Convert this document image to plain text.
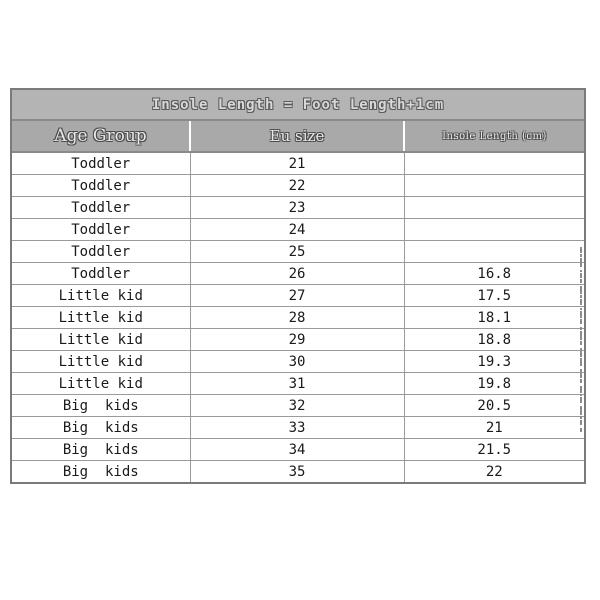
Insole Length = Foot Length+1cm		
Age Group	Eu size	Insole Length (cm)
Toddler	21	
Toddler	22	
Toddler	23	
Toddler	24	
Toddler	25	
Toddler	26	16.8
Little kid	27	17.5
Little kid	28	18.1
Little kid	29	18.8
Little kid	30	19.3
Little kid	31	19.8
Big  kids	32	20.5
Big  kids	33	21
Big  kids	34	21.5
Big  kids	35	22
